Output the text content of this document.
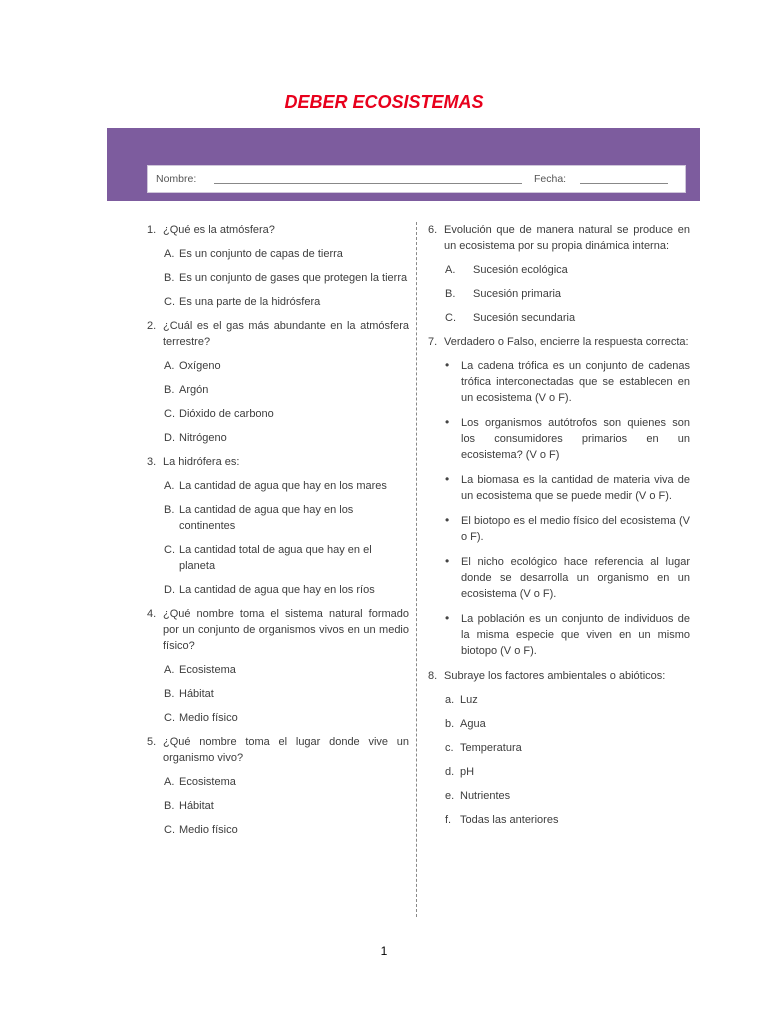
DEBER ECOSISTEMAS
Nombre:	Fecha:
1. ¿Qué es la atmósfera?
A. Es un conjunto de capas de tierra
B. Es un conjunto de gases que protegen la tierra
C. Es una parte de la hidrósfera
2. ¿Cuál es el gas más abundante en la atmósfera terrestre?
A. Oxígeno
B. Argón
C. Dióxido de carbono
D. Nitrógeno
3. La hidrófera es:
A. La cantidad de agua que hay en los mares
B. La cantidad de agua que hay en los continentes
C. La cantidad total de agua que hay en el planeta
D. La cantidad de agua que hay en los ríos
4. ¿Qué nombre toma el sistema natural formado por un conjunto de organismos vivos en un medio físico?
A. Ecosistema
B. Hábitat
C. Medio físico
5. ¿Qué nombre toma el lugar donde vive un organismo vivo?
A. Ecosistema
B. Hábitat
C. Medio físico
6. Evolución que de manera natural se produce en un ecosistema por su propia dinámica interna:
A.	Sucesión ecológica
B.	Sucesión primaria
C.	Sucesión secundaria
7. Verdadero o Falso, encierre la respuesta correcta:
•	La cadena trófica es un conjunto de cadenas trófica interconectadas que se establecen en un ecosistema (V o F).
•	Los organismos autótrofos son quienes son los consumidores primarios en un ecosistema? (V o F)
•	La biomasa es la cantidad de materia viva de un ecosistema que se puede medir (V o F).
•	El biotopo es el medio físico del ecosistema (V o F).
•	El nicho ecológico hace referencia al lugar donde se desarrolla un organismo en un ecosistema (V o F).
•	La población es un conjunto de individuos de la misma especie que viven en un mismo biotopo (V o F).
8. Subraye los factores ambientales o abióticos:
a. Luz
b. Agua
c. Temperatura
d. pH
e. Nutrientes
f. Todas las anteriores
1
